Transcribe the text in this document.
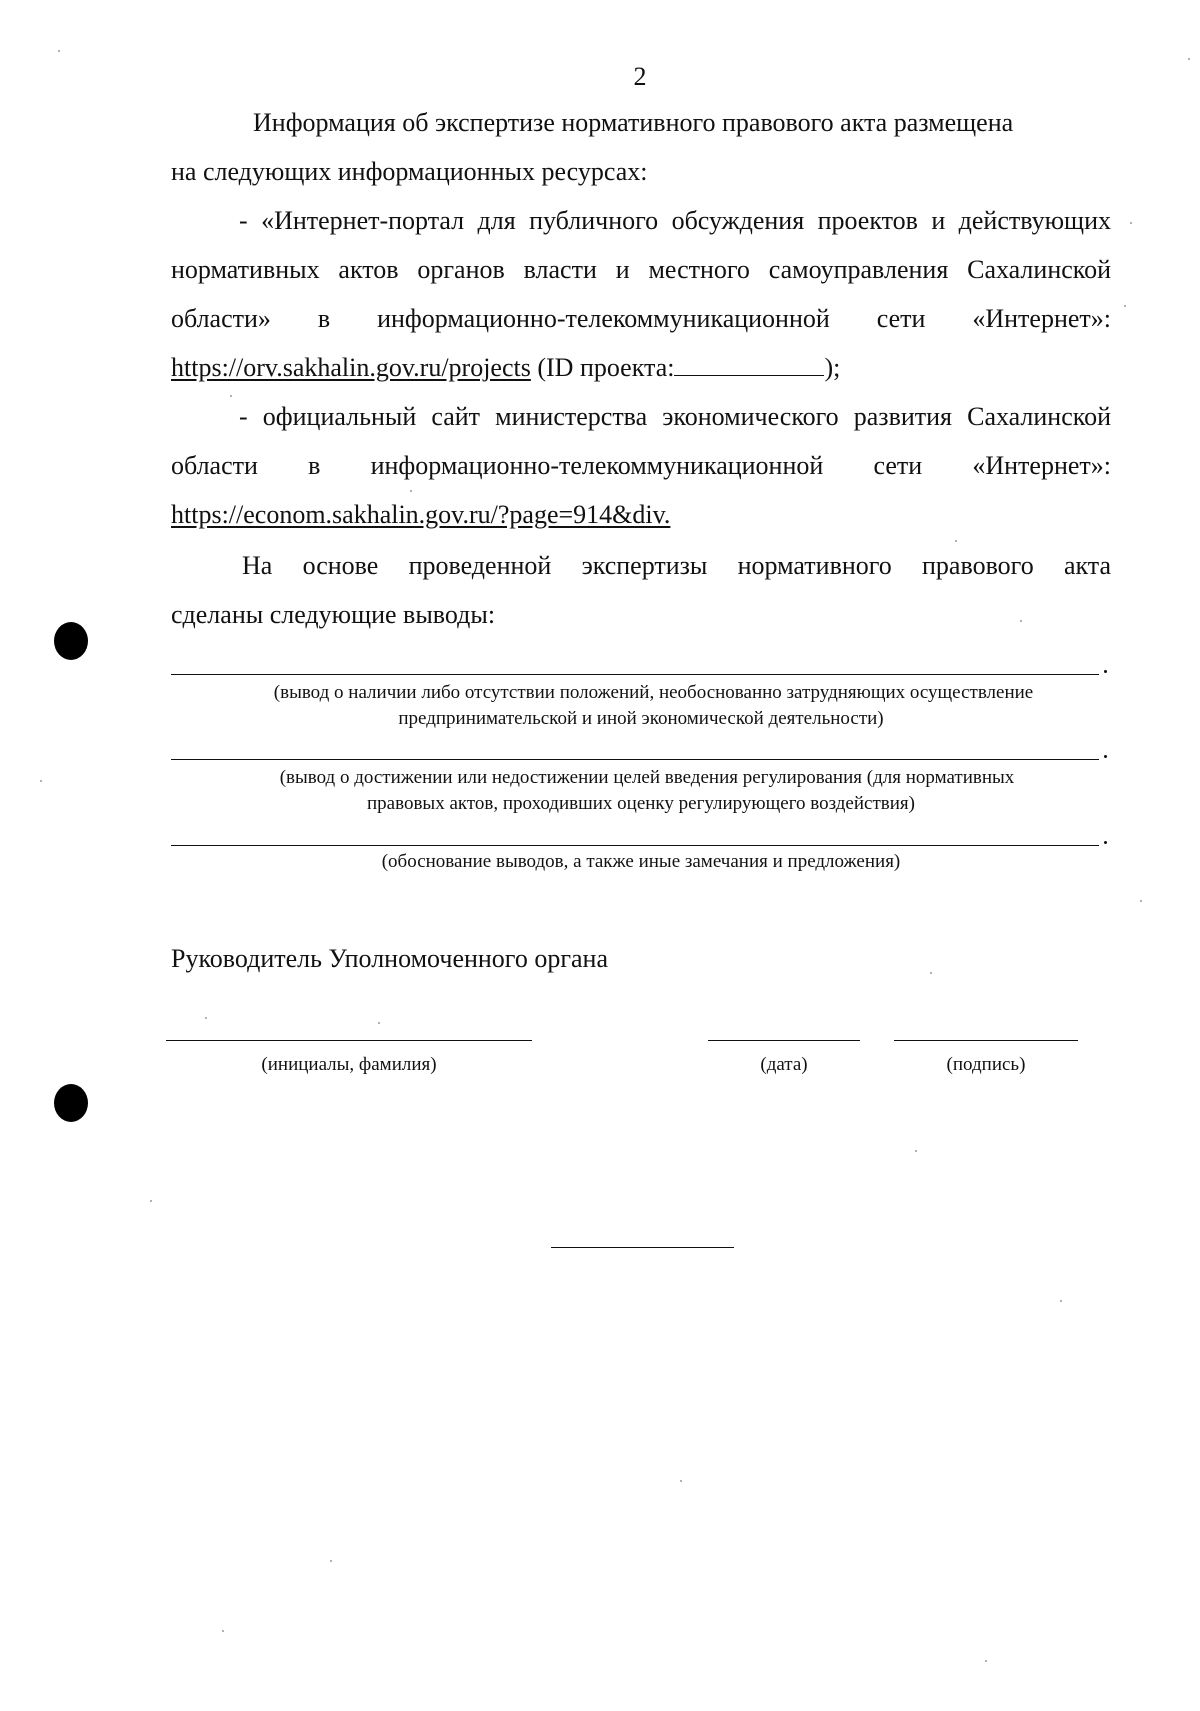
2
Информация об экспертизе нормативного правового акта размещена
на следующих информационных ресурсах:
- «Интернет-портал для публичного обсуждения проектов и действующих нормативных актов органов власти и местного самоуправления Сахалинской области» в информационно-телекоммуникационной сети «Интернет»: https://orv.sakhalin.gov.ru/projects (ID проекта:	);
- официальный сайт министерства экономического развития Сахалинской области в информационно-телекоммуникационной сети «Интернет»: https://econom.sakhalin.gov.ru/?page=914&div.
На основе проведенной экспертизы нормативного правового акта
сделаны следующие выводы:
(вывод о наличии либо отсутствии положений, необоснованно затрудняющих осуществление
предпринимательской и иной экономической деятельности)
(вывод о достижении или недостижении целей введения регулирования (для нормативных
правовых актов, проходивших оценку регулирующего воздействия)
(обоснование выводов, а также иные замечания и предложения)
Руководитель Уполномоченного органа
(инициалы, фамилия)	(дата)	(подпись)
